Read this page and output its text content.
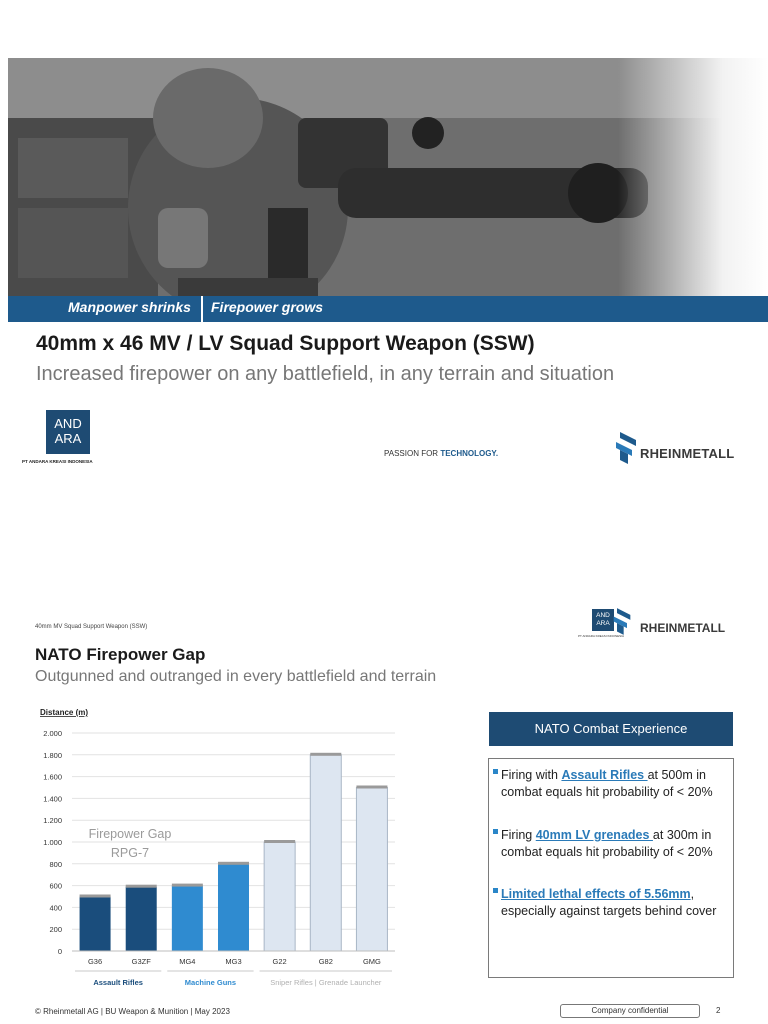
Manpower shrinks Firepower grows
40mm x 46 MV / LV Squad Support Weapon (SSW)
Increased firepower on any battlefield, in any terrain and situation
AND
ARA
PT ANDARA KREASI INDONESIA
PASSION FOR TECHNOLOGY.	RHEINMETALL
40mm MV Squad Support Weapon (SSW)
AND
ARA
PT ANDARA KREASI INDONESIA
RHEINMETALL
NATO Firepower Gap
Outgunned and outranged in every battlefield and terrain
Distance (m)
0
200
400
600
800
1.000
1.200
1.400
1.600
1.800
2.000
G36	G3ZF	MG4	MG3	G22	G82	GMG
Assault Rifles	Machine Guns	Sniper Rifles | Grenade Launcher
Firepower Gap
RPG-7
NATO Combat Experience
Firing with Assault Rifles at 500m in combat equals hit probability of < 20%
Firing 40mm LV grenades at 300m in combat equals hit probability of < 20%
Limited lethal effects of 5.56mm, especially against targets behind cover
© Rheinmetall AG | BU Weapon & Munition | May 2023	Company confidential	2
